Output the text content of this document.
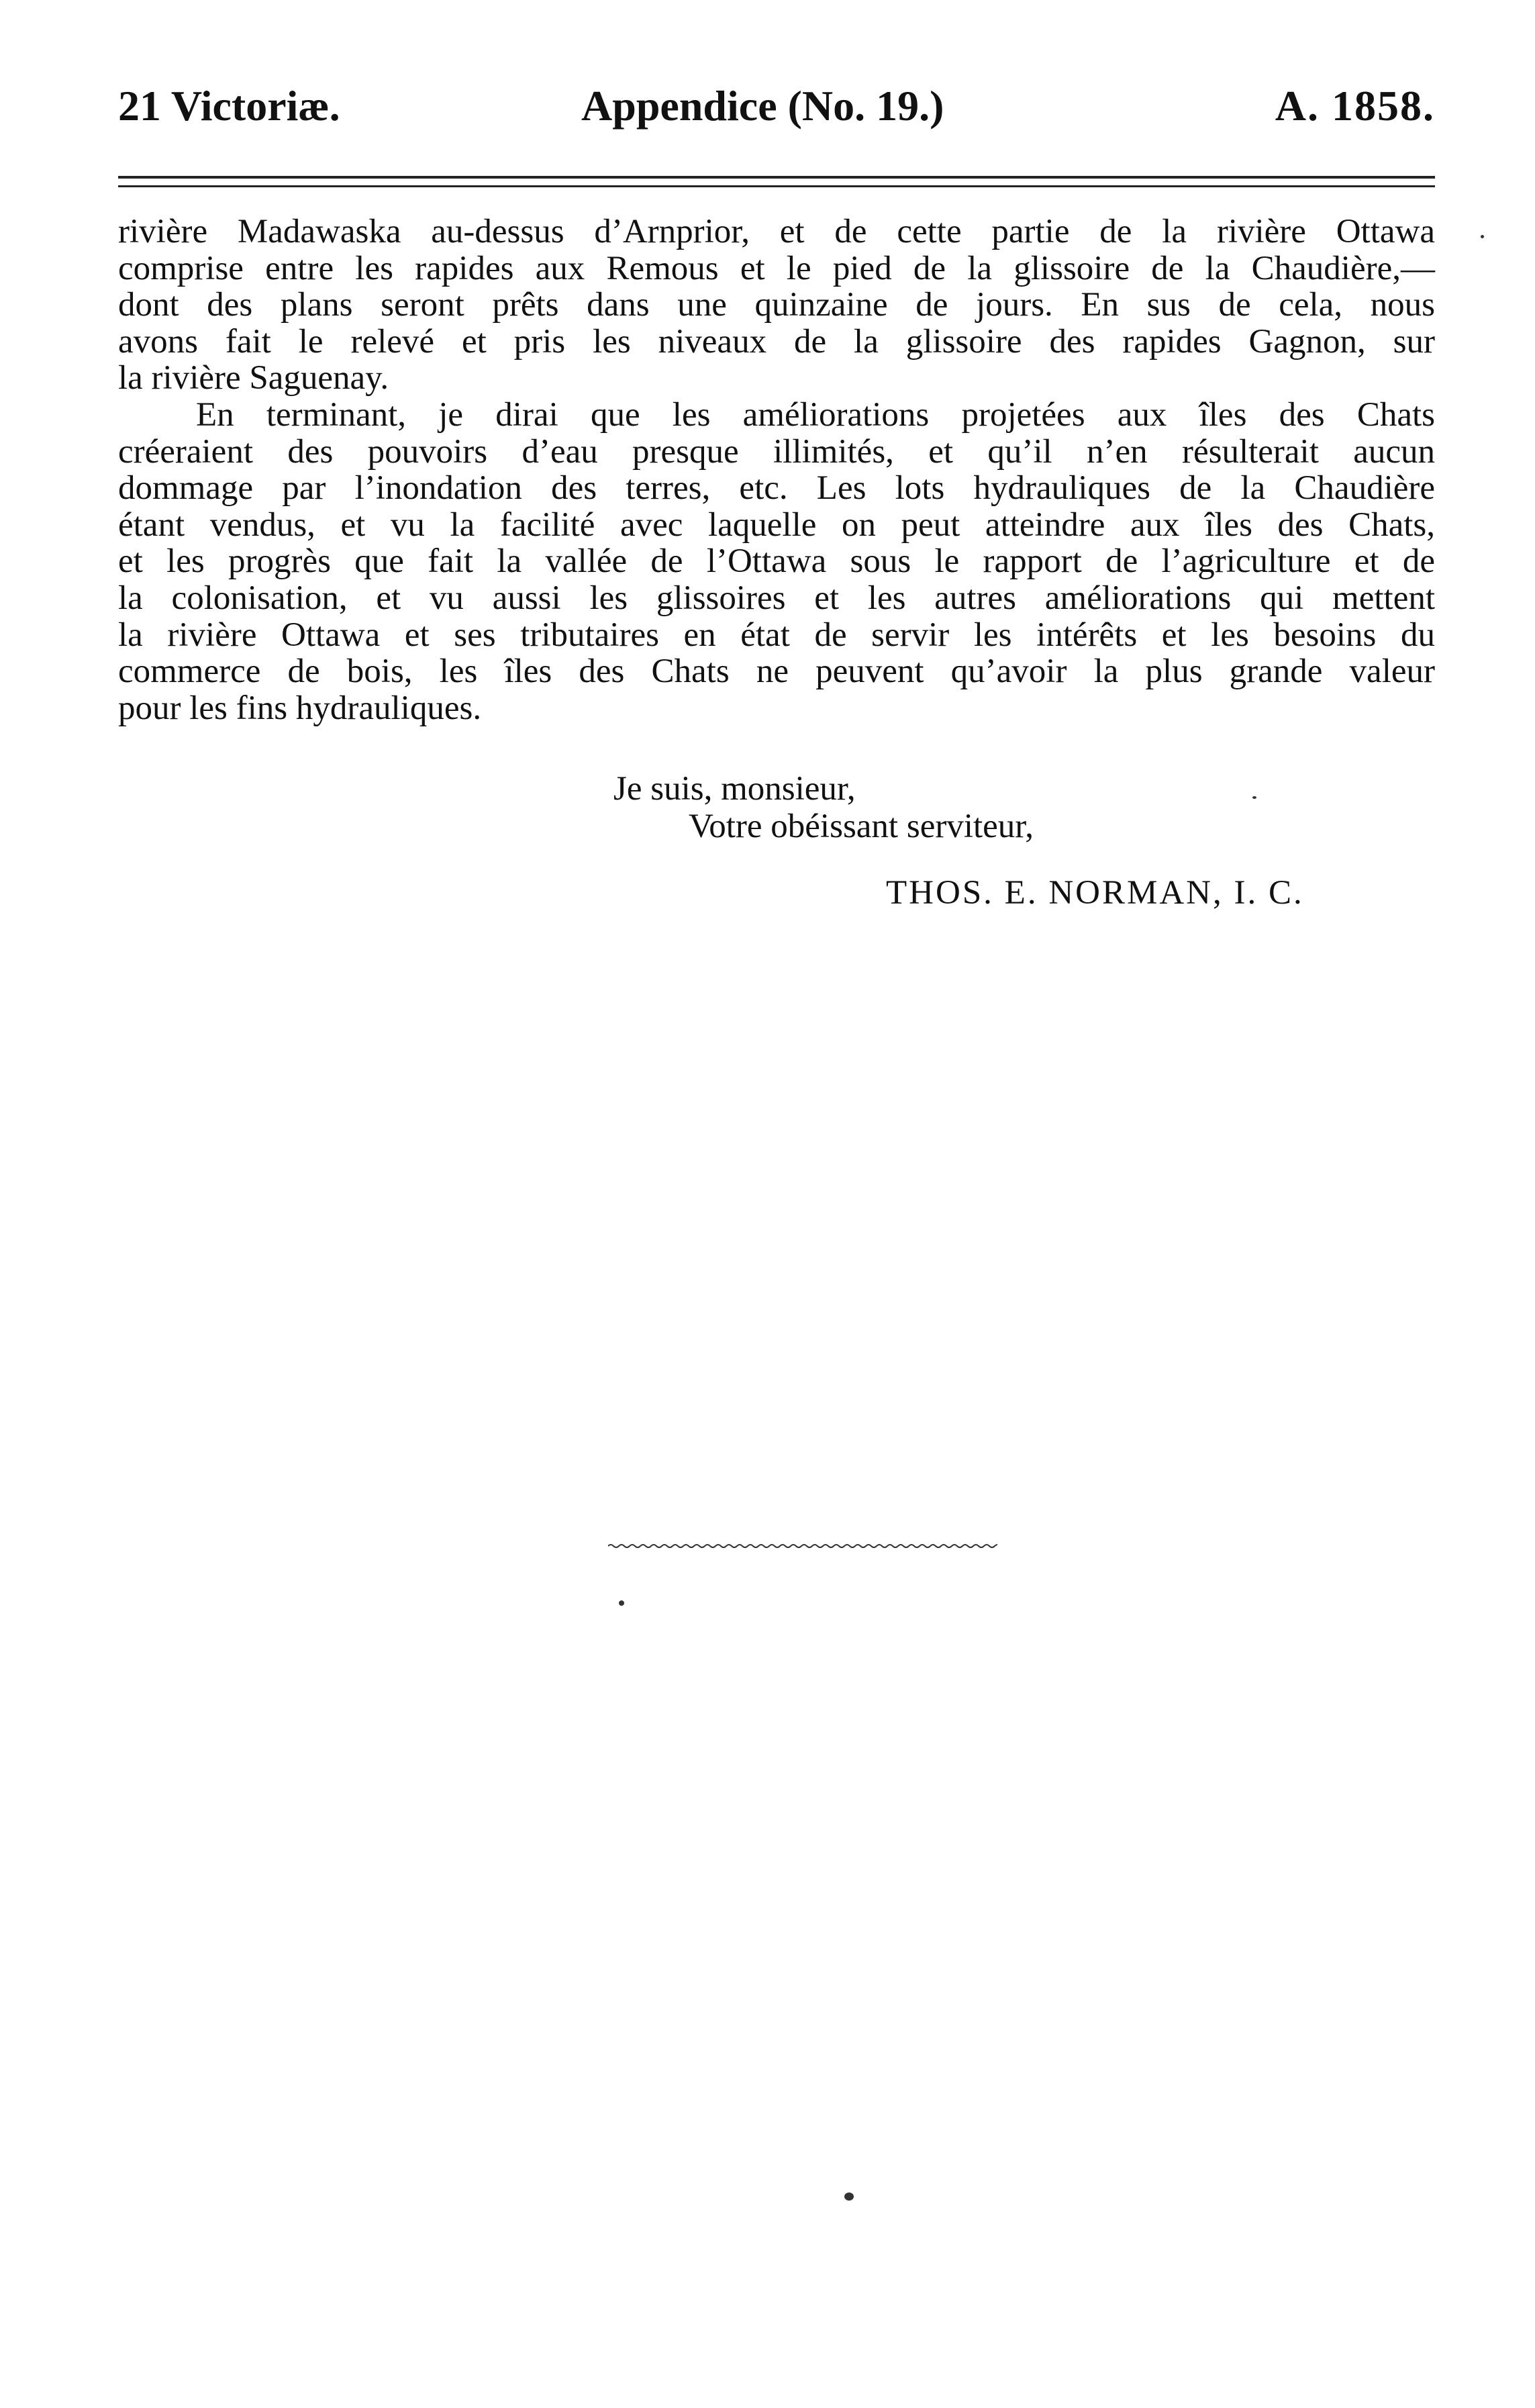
21 Victoriæ.	Appendice (No. 19.)	A. 1858.
rivière Madawaska au-dessus d’Arnprior, et de cette partie de la rivière Ottawa
comprise entre les rapides aux Remous et le pied de la glissoire de la Chaudière,—
dont des plans seront prêts dans une quinzaine de jours. En sus de cela, nous
avons fait le relevé et pris les niveaux de la glissoire des rapides Gagnon, sur
la rivière Saguenay.
En terminant, je dirai que les améliorations projetées aux îles des Chats
créeraient des pouvoirs d’eau presque illimités, et qu’il n’en résulterait aucun
dommage par l’inondation des terres, etc. Les lots hydrauliques de la Chaudière
étant vendus, et vu la facilité avec laquelle on peut atteindre aux îles des Chats,
et les progrès que fait la vallée de l’Ottawa sous le rapport de l’agriculture et de
la colonisation, et vu aussi les glissoires et les autres améliorations qui mettent
la rivière Ottawa et ses tributaires en état de servir les intérêts et les besoins du
commerce de bois, les îles des Chats ne peuvent qu’avoir la plus grande valeur
pour les fins hydrauliques.
Je suis, monsieur,
Votre obéissant serviteur,
THOS. E. NORMAN, I. C.
